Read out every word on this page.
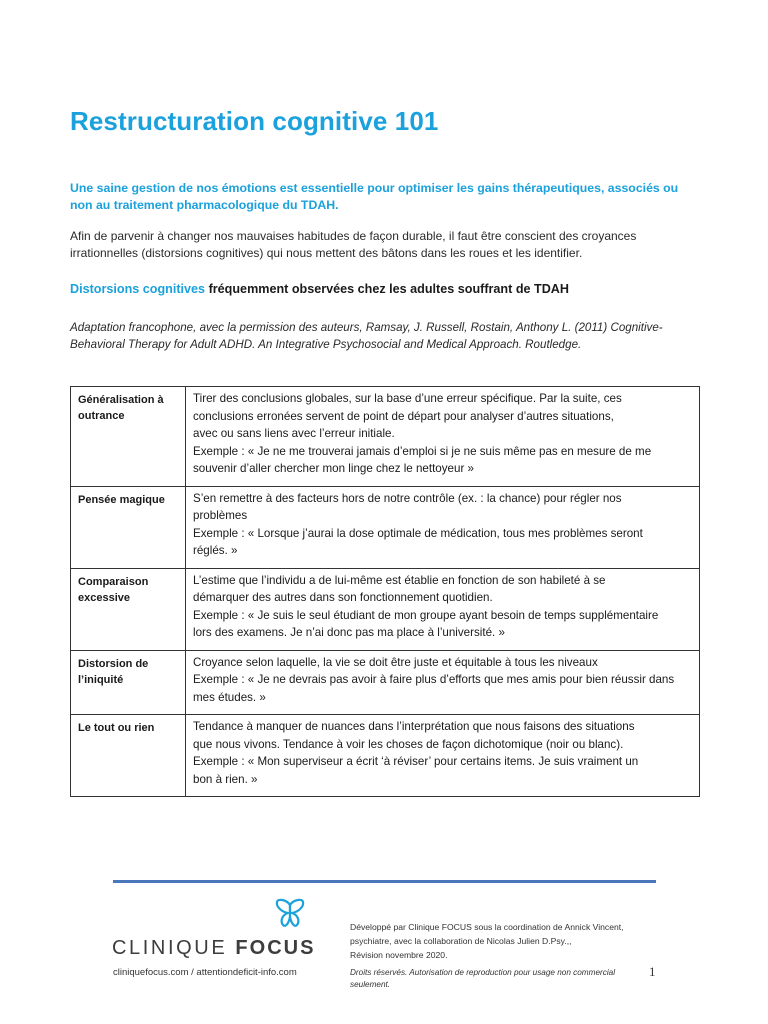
Restructuration cognitive 101
Une saine gestion de nos émotions est essentielle pour optimiser les gains thérapeutiques, associés ou non au traitement pharmacologique du TDAH.
Afin de parvenir à changer nos mauvaises habitudes de façon durable, il faut être conscient des croyances irrationnelles (distorsions cognitives) qui nous mettent des bâtons dans les roues et les identifier.
Distorsions cognitives fréquemment observées chez les adultes souffrant de TDAH
Adaptation francophone, avec la permission des auteurs, Ramsay, J. Russell, Rostain, Anthony L. (2011) Cognitive-Behavioral Therapy for Adult ADHD. An Integrative Psychosocial and Medical Approach. Routledge.
Généralisation à outrance	Tirer des conclusions globales, sur la base d’une erreur spécifique. Par la suite, ces
conclusions erronées servent de point de départ pour analyser d’autres situations,
avec ou sans liens avec l’erreur initiale.
Exemple : « Je ne me trouverai jamais d’emploi si je ne suis même pas en mesure de me
souvenir d’aller chercher mon linge chez le nettoyeur »

Pensée magique	S’en remettre à des facteurs hors de notre contrôle (ex. : la chance) pour régler nos
problèmes
Exemple : « Lorsque j’aurai la dose optimale de médication, tous mes problèmes seront
réglés. »

Comparaison excessive	L’estime que l’individu a de lui-même est établie en fonction de son habileté à se
démarquer des autres dans son fonctionnement quotidien.
Exemple : « Je suis le seul étudiant de mon groupe ayant besoin de temps supplémentaire
lors des examens. Je n’ai donc pas ma place à l’université. »

Distorsion de l’iniquité	Croyance selon laquelle, la vie se doit être juste et équitable à tous les niveaux
Exemple : « Je ne devrais pas avoir à faire plus d’efforts que mes amis pour bien réussir dans
mes études. »

Le tout ou rien	Tendance à manquer de nuances dans l’interprétation que nous faisons des situations
que nous vivons. Tendance à voir les choses de façon dichotomique (noir ou blanc).
Exemple : « Mon superviseur a écrit ‘à réviser’ pour certains items. Je suis vraiment un
bon à rien. »
CLINIQUE FOCUS
cliniquefocus.com / attentiondeficit-info.com
Développé par Clinique FOCUS sous la coordination de Annick Vincent,
psychiatre, avec la collaboration de Nicolas Julien D.Psy.,,
Révision novembre 2020.
Droits réservés. Autorisation de reproduction pour usage non commercial seulement.
1
